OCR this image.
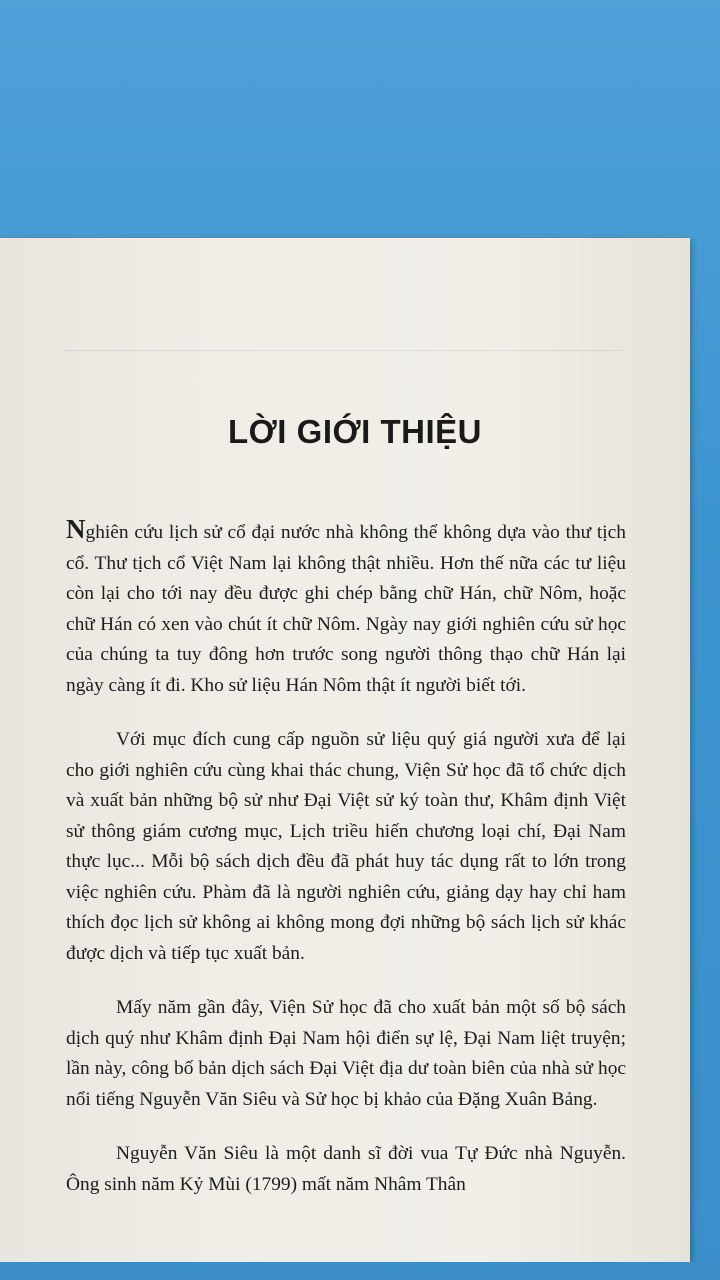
LỜI GIỚI THIỆU

Nghiên cứu lịch sử cổ đại nước nhà không thể không dựa vào thư tịch cổ. Thư tịch cổ Việt Nam lại không thật nhiều. Hơn thế nữa các tư liệu còn lại cho tới nay đều được ghi chép bằng chữ Hán, chữ Nôm, hoặc chữ Hán có xen vào chút ít chữ Nôm. Ngày nay giới nghiên cứu sử học của chúng ta tuy đông hơn trước song người thông thạo chữ Hán lại ngày càng ít đi. Kho sử liệu Hán Nôm thật ít người biết tới.

Với mục đích cung cấp nguồn sử liệu quý giá người xưa để lại cho giới nghiên cứu cùng khai thác chung, Viện Sử học đã tổ chức dịch và xuất bản những bộ sử như Đại Việt sử ký toàn thư, Khâm định Việt sử thông giám cương mục, Lịch triều hiến chương loại chí, Đại Nam thực lục... Mỗi bộ sách dịch đều đã phát huy tác dụng rất to lớn trong việc nghiên cứu. Phàm đã là người nghiên cứu, giảng dạy hay chỉ ham thích đọc lịch sử không ai không mong đợi những bộ sách lịch sử khác được dịch và tiếp tục xuất bản.

Mấy năm gần đây, Viện Sử học đã cho xuất bản một số bộ sách dịch quý như Khâm định Đại Nam hội điển sự lệ, Đại Nam liệt truyện; lần này, công bố bản dịch sách Đại Việt địa dư toàn biên của nhà sử học nổi tiếng Nguyễn Văn Siêu và Sử học bị khảo của Đặng Xuân Bảng.

Nguyễn Văn Siêu là một danh sĩ đời vua Tự Đức nhà Nguyễn. Ông sinh năm Kỷ Mùi (1799) mất năm Nhâm Thân
